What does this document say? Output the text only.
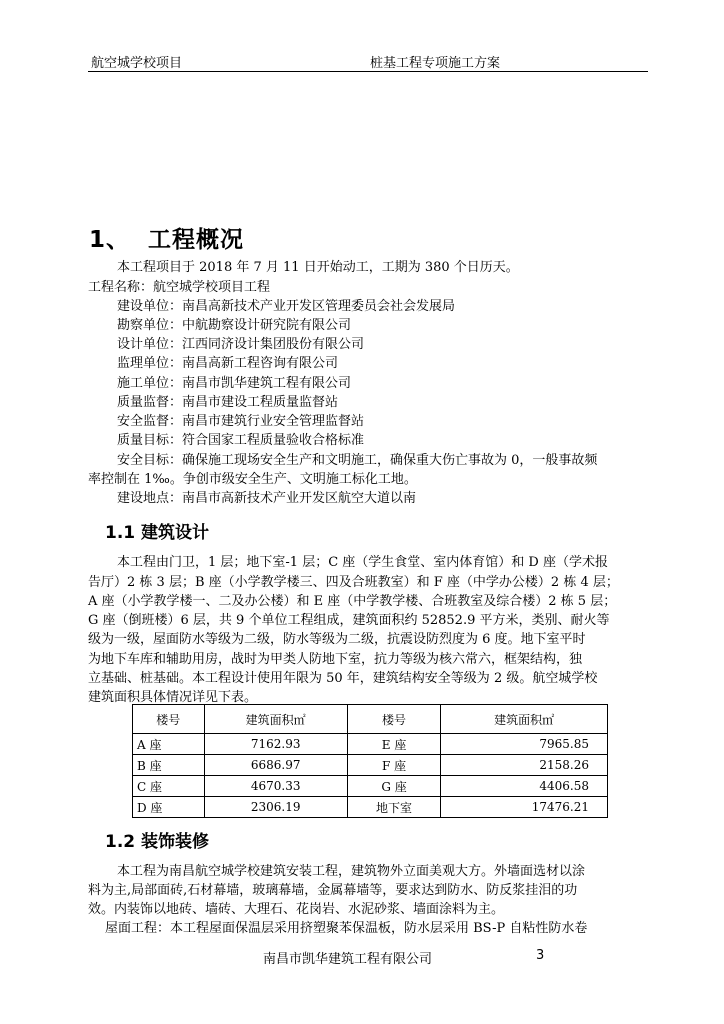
航空城学校项目	桩基工程专项施工方案
1、  工程概况
本工程项目于 2018 年 7 月 11 日开始动工，工期为 380 个日历天。
工程名称：航空城学校项目工程
建设单位：南昌高新技术产业开发区管理委员会社会发展局
勘察单位：中航勘察设计研究院有限公司
设计单位：江西同济设计集团股份有限公司
监理单位：南昌高新工程咨询有限公司
施工单位：南昌市凯华建筑工程有限公司
质量监督：南昌市建设工程质量监督站
安全监督：南昌市建筑行业安全管理监督站
质量目标：符合国家工程质量验收合格标准
安全目标：确保施工现场安全生产和文明施工，确保重大伤亡事故为 0，一般事故频
率控制在 1‰。争创市级安全生产、文明施工标化工地。
建设地点：南昌市高新技术产业开发区航空大道以南
1.1 建筑设计
本工程由门卫，1 层；地下室-1 层；C 座（学生食堂、室内体育馆）和 D 座（学术报
告厅）2 栋 3 层；B 座（小学教学楼三、四及合班教室）和 F 座（中学办公楼）2 栋 4 层；
A 座（小学教学楼一、二及办公楼）和 E 座（中学教学楼、合班教室及综合楼）2 栋 5 层；
G 座（倒班楼）6 层，共 9 个单位工程组成，建筑面积约 52852.9 平方米，类别、耐火等
级为一级，屋面防水等级为二级，防水等级为二级，抗震设防烈度为 6 度。地下室平时
为地下车库和辅助用房，战时为甲类人防地下室，抗力等级为核六常六，框架结构，独
立基础、桩基础。本工程设计使用年限为 50 年，建筑结构安全等级为 2 级。航空城学校
建筑面积具体情况详见下表。
楼号	建筑面积㎡	楼号	建筑面积㎡
A 座	7162.93	E 座	7965.85
B 座	6686.97	F 座	2158.26
C 座	4670.33	G 座	4406.58
D 座	2306.19	地下室	17476.21
1.2 装饰装修
本工程为南昌航空城学校建筑安装工程，建筑物外立面美观大方。外墙面选材以涂
料为主,局部面砖,石材幕墙，玻璃幕墙，金属幕墙等，要求达到防水、防反浆挂泪的功
效。内装饰以地砖、墙砖、大理石、花岗岩、水泥砂浆、墙面涂料为主。
屋面工程：本工程屋面保温层采用挤塑聚苯保温板，防水层采用 BS-P 自粘性防水卷
南昌市凯华建筑工程有限公司	3
